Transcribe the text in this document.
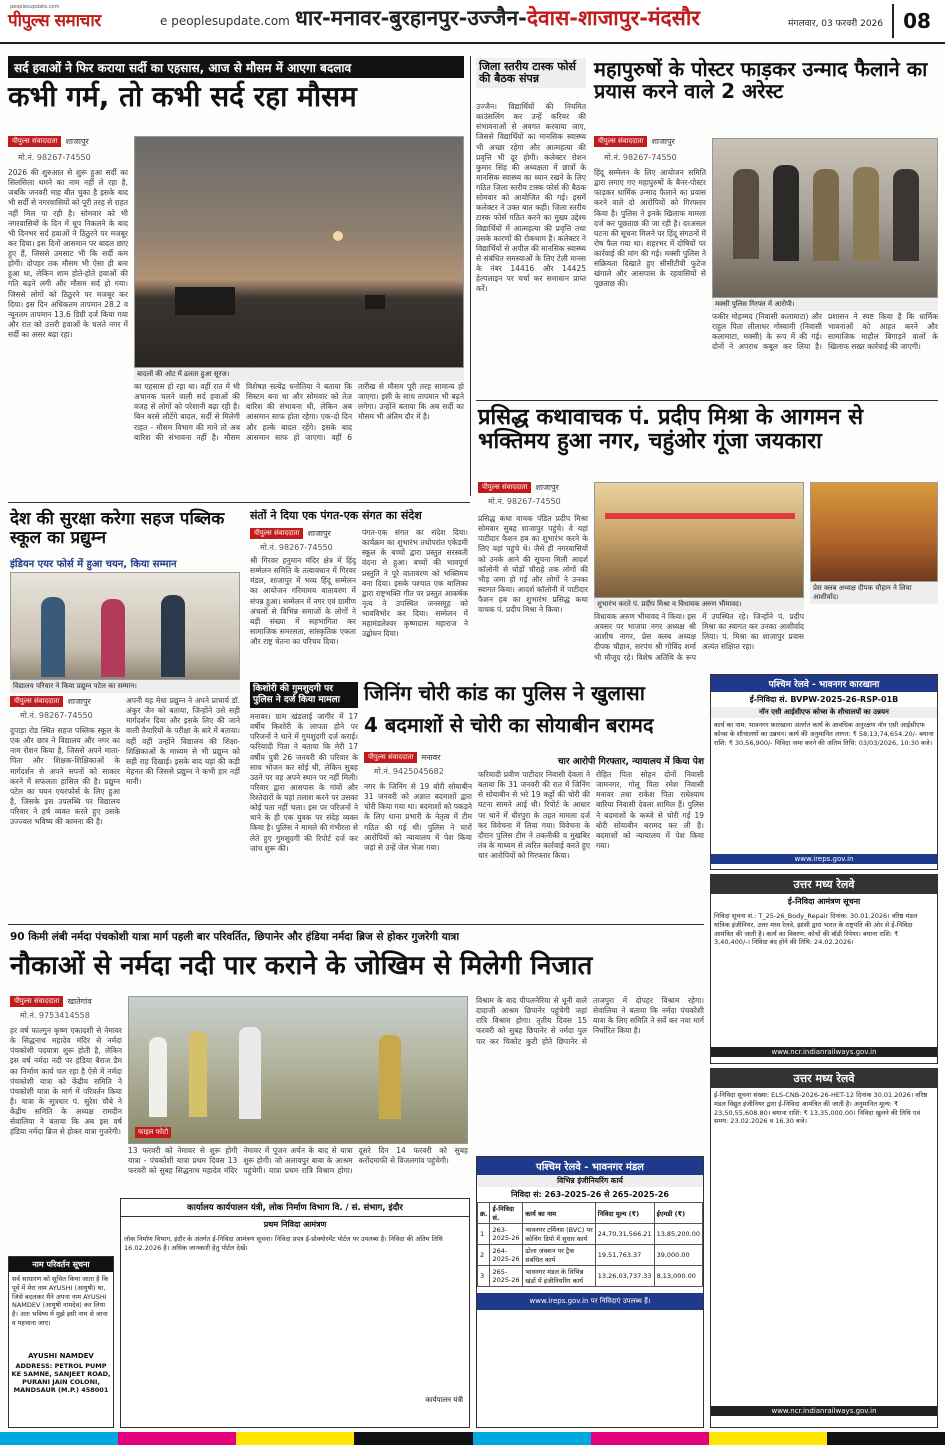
peoplesupdate.com
पीपुल्स समाचार	e peoplesupdate.com धार-मनावर-बुरहानपुर-उज्जैन-देवास-शाजापुर-मंदसौर	मंगलवार, 03 फरवरी 2026	08
सर्द हवाओं ने फिर कराया सर्दी का एहसास, आज से मौसम में आएगा बदलाव
कभी गर्म, तो कभी सर्द रहा मौसम
पीपुल्स संवाददाता	शाजापुर
मो.नं. 98267-74550
2026 की शुरुआत से शुरू हुआ सर्दी का सिलसिला थमने का नाम नहीं ले रहा है, जबकि जनवरी माह बीत चुका है इसके बाद भी सर्दी से नगरवासियों को पूरी तरह से राहत नहीं मिल पा रही है। सोमवार को भी नगरवासियों के दिन में धूप निकलने के बाद भी दिनभर सर्द हवाओं ने ठिठुरने पर मजबूर कर दिया। इस दिनों आसमान पर बादल छाए हुए हैं, जिससे उमसाट भी कि सर्दी कम होगी। दोपहर तक मौसम भी ऐसा ही बना हुआ था, लेकिन शाम होते-होते हवाओं की गति बढ़ने लगी और मौसम सर्द हो गया। जिससे लोगों को ठिठुरने पर मजबूर कर दिया। इस दिन अधिकतम तापमान 28.2 व न्यूनतम तापमान 13.6 डिग्री दर्ज किया गया और रात को उत्तरी हवाओं के चलते नगर में सर्दी का असर बढ़ा रहा।
बादलों की ओट में ढलता हुआ सूरज।
का एहसास हो रहा था। वहीं रात में भी अचानक चलने वाली सर्द हवाओं की वजह से लोगों को परेशानी बढ़ा रही है। बिन बरसे लौटेंगे बादल, सर्दी से मिलेगी राहत - मौसम विभाग की माने तो अब बारिश की संभावना नहीं है। मौसम विशेषज्ञ सत्येंद्र धनोतिया ने बताया कि सिस्टम बना था और सोमवार को तेज बारिश की संभावना थी, लेकिन अब आसमान साफ होता रहेगा। एक-दो दिन और हल्के बादल रहेंगे। इसके बाद आसमान साफ हो जाएगा। वहीं 6 तारीख से मौसम पूरी तरह सामान्य हो जाएगा। इसी के साथ तापमान भी बढ़ने लगेगा। उन्होंने बताया कि अब सर्दी का मौसम भी अंतिम दौर में है।
जिला स्तरीय टास्क फोर्स की बैठक संपन्न
उज्जैन। विद्यार्थियों की नियमित काउंसलिंग कर उन्हें करियर की संभावनाओं से अवगत करवाया जाए, जिससे विद्यार्थियों का मानसिक स्वास्थ्य भी अच्छा रहेगा और आत्महत्या की प्रवृत्ति भी दूर होगी। कलेक्टर रोशन कुमार सिंह की अध्यक्षता में छात्रों के मानसिक स्वास्थ्य का ध्यान रखने के लिए गठित जिला स्तरीय टास्क फोर्स की बैठक सोमवार को आयोजित की गई। इसमें कलेक्टर ने उक्त बात कही। जिला स्तरीय टास्क फोर्स गठित करने का मुख्य उद्देश्य विद्यार्थियों में आत्महत्या की प्रवृत्ति तथा उसके कारणों की रोकथाम है। कलेक्टर ने विद्यार्थियों से अपील की मानसिक स्वास्थ्य से संबंधित समस्याओं के लिए टेली मानस के नंबर 14416 और 14425 हेल्पलाइन पर चर्चा कर समाधान प्राप्त करें।
महापुरुषों के पोस्टर फाड़कर उन्माद फैलाने का प्रयास करने वाले 2 अरेस्ट
पीपुल्स संवाददाता	शाजापुर
मो.नं. 98267-74550
हिंदू सम्मेलन के लिए आयोजन समिति द्वारा लगाए गए महापुरुषों के बैनर-पोस्टर फाड़कर धार्मिक उन्माद फैलाने का प्रयास करने वाले दो आरोपियों को गिरफ्तार किया है। पुलिस ने इनके खिलाफ मामला दर्ज कर पूछताछ की जा रही है। दरअसल घटना की सूचना मिलने पर हिंदू संगठनों में रोष फैल गया था। शहरभर में दोषियों पर कार्रवाई की मांग की गई। मक्सी पुलिस ने सक्रियता दिखाते हुए सीसीटीवी फुटेज खंगाले और आसपास के रहवासियों से पूछताछ की।
मक्सी पुलिस गिरफ्त में आरोपी।
फकीर मोहम्मद (निवासी कलामाटा) और राहुल पिता लीलाधर गोस्वामी (निवासी कलामाटा, मक्सी) के रूप में की गई। दोनों ने अपराध कबूल कर लिया है। प्रशासन ने स्पष्ट किया है कि धार्मिक भावनाओं को आहत करने और सामाजिक माहौल बिगाड़ने वालों के खिलाफ सख्त कार्रवाई की जाएगी।
प्रसिद्ध कथावाचक पं. प्रदीप मिश्रा के आगमन से भक्तिमय हुआ नगर, चहुंओर गूंजा जयकारा
पीपुल्स संवाददाता	शाजापुर
मो.नं. 98267-74550
प्रसिद्ध कथा वाचक पंडित प्रदीप मिश्रा सोमवार सुबह शाजापुर पहुंचे। वे यहां पाटीदार फैशन हब का शुभारंभ करने के लिए यहां पहुंचे थे। जैसे ही नगरवासियों को उनके आने की सूचना मिली आदर्श कॉलोनी से घोड़ों चौराहे तक लोगों की भीड़ जमा हो गई और लोगों ने उनका स्वागत किया। आदर्श कॉलोनी में पाटीदार फैशन हब का शुभारंभ प्रसिद्ध कथा वाचक पं. प्रदीप मिश्रा ने किया।
शुभारंभ करते पं. प्रदीप मिश्रा व विधायक अरुण भीमावद।
प्रेस क्लब अध्यक्ष दीपक चौहान ने लिया आशीर्वाद।
विधायक अरुण भीमावद ने किया। इस अवसर पर भाजपा नगर अध्यक्ष श्री आशीष नागर, प्रेस क्लब अध्यक्ष दीपक चौहान, सरपंच श्री गोविंद शर्मा भी मौजूद रहे। विशेष अतिथि के रूप में उपस्थित रहे। जिन्होंने पं. प्रदीप मिश्रा का स्वागत कर उनका आशीर्वाद लिया। पं. मिश्रा का शाजापुर प्रवास अत्यंत संक्षिप्त रहा।
देश की सुरक्षा करेगा सहज पब्लिक स्कूल का प्रद्युम्न
इंडियन एयर फोर्स में हुआ चयन, किया सम्मान
विद्यालय परिवार ने किया प्रद्युम्न पटेल का सम्मान।
पीपुल्स संवाददाता	शाजापुर
मो.नं. 98267-74550
दुपाड़ा रोड स्थित सहज पब्लिक स्कूल के एक और छात्र ने विद्यालय और नगर का नाम रोशन किया है, जिससे अपने माता-पिता और शिक्षक-शिक्षिकाओं के मार्गदर्शन से अपने सपनों को साकार करने में सफलता हासिल की है। प्रद्युम्न पटेल का चयन एयरफोर्स के लिए हुआ है, जिसके इस उपलब्धि पर विद्यालय परिवार ने हर्ष व्यक्त करते हुए उसके उज्ज्वल भविष्य की कामना की है।
अपनी यह मेधा प्रद्युम्न ने अपने प्राचार्य डॉ. अंकुर जैन को बताया, जिन्होंने उसे सही मार्गदर्शन दिया और इसके लिए की जाने वाली तैयारियों के परीक्षा के बारे में बताया। वहीं वहीं उन्होंने विद्यालय की शिक्षा-शिक्षिकाओं के माध्यम से भी प्रद्युम्न को सही राह दिखाई। इसके बाद यहां की कड़ी मेहनत की जिससे प्रद्युम्न ने कभी हार नहीं मानी।
संतों ने दिया एक पंगत-एक संगत का संदेश
पीपुल्स संवाददाता	शाजापुर
मो.नं. 98267-74550
श्री गिरवर हनुमान मंदिर क्षेत्र में हिंदू सम्मेलन समिति के तत्वावधान में गिरवर मंडल, शाजापुर में भव्य हिंदू सम्मेलन का आयोजन गरिमामय वातावरण में संपन्न हुआ। सम्मेलन में नगर एवं ग्रामीण अंचलों से विभिन्न समाजों के लोगों ने बड़ी संख्या में सहभागिता कर सामाजिक समरसता, सांस्कृतिक एकता और राष्ट्र चेतना का परिचय दिया।
पंगत-एक संगत का संदेश दिया। कार्यक्रम का शुभारंभ तथोपरांत एकेडमी स्कूल के बच्चों द्वारा प्रस्तुत सरस्वती वंदना से हुआ। बच्चों की भावपूर्ण प्रस्तुति ने पूरे वातावरण को भक्तिमय बना दिया। इसके पश्चात एक बालिका द्वारा राष्ट्रभक्ति गीत पर प्रस्तुत आकर्षक नृत्य ने उपस्थित जनसमूह को भावविभोर कर दिया। सम्मेलन में महामंडलेश्वर कृष्णदास महाराज ने उद्बोधन दिया।
किशोरी की गुमशुदगी पर पुलिस ने दर्ज किया मामला
मनावर। ग्राम खंडलाई जागीर में 17 वर्षीय किशोरी के लापता होने पर परिजनों ने थाने में गुमशुदगी दर्ज कराई। फरियादी पिता ने बताया कि मेरी 17 वर्षीय पुत्री 26 जनवरी की परिवार के साथ भोजन कर सोई थी, लेकिन सुबह उठने पर वह अपने स्थान पर नहीं मिली। परिवार द्वारा आसपास के गांवों और रिश्तेदारों के यहां तलाश करने पर उसका कोई पता नहीं चला। इस पर परिजनों ने थाने के ही एक युवक पर संदेह व्यक्त किया है। पुलिस ने मामले की गंभीरता से लेते हुए गुमशुदगी की रिपोर्ट दर्ज कर जांच शुरू की।
जिनिंग चोरी कांड का पुलिस ने खुलासा
4 बदमाशों से चोरी का सोयाबीन बरामद
पीपुल्स संवाददाता	मनावर
मो.नं. 9425045682
चार आरोपी गिरफ्तार, न्यायालय में किया पेश
नगर के जिनिंग से 19 बोरी सोयाबीन 31 जनवरी को अज्ञात बदमाशों द्वारा चोरी किया गया था। बदमाशों को पकड़ने के लिए थाना प्रभारी के नेतृत्व में टीम गठित की गई थी। पुलिस ने चारों आरोपियों को न्यायालय में पेश किया जहां से उन्हें जेल भेजा गया।
फरियादी प्रवीण पाटीदार निवासी देवला ने बताया कि 31 जनवरी की रात में जिनिंग से सोयाबीन से भरे 19 कट्टों की चोरी की घटना सामने आई थी। रिपोर्ट के आधार पर थाने में धीरपुरा के तहत मामला दर्ज कर विवेचना में लिया गया। विवेचना के दौरान पुलिस टीम ने तकनीकी व मुखबिर तंत्र के माध्यम से त्वरित कार्रवाई करते हुए चार आरोपियों को गिरफ्तार किया।
रोहित पिता सोहन दोनों निवासी जामनगर, गोलू पिता रमेश निवासी मनावर तथा राकेश पिता राधेश्याम बारिया निवासी देवला शामिल हैं। पुलिस ने बदमाशों के कब्जे से चोरी गई 19 बोरी सोयाबीन बरामद कर ली है। बदमाशों को न्यायालय में पेश किया गया।
पश्चिम रेलवे - भावनगर कारखाना
ई-निविदा सं. BVPW-2025-26-RSP-01B
नॉन एसी आईसीएफ कोच्स के शौचालयों का उन्नयन
कार्य का नाम: भावनगर कारखाना अंतर्गत कार्य के आवधिक अनुरक्षण नॉन एसी आईसीएफ कोच्स के शौचालयों का उन्नयन। कार्य की अनुमानित लागत: ₹ 58,13,74,654.20/- बयाना राशि: ₹ 30,56,900/- निविदा जमा करने की अंतिम तिथि: 03/03/2026, 10:30 बजे।
www.ireps.gov.in
उत्तर मध्य रेलवे
ई-निविदा आमंत्रण सूचना
निविदा सूचना सं.: T_25-26_Body_Repair दिनांक: 30.01.2026। वरिष्ठ मंडल यांत्रिक इंजीनियर, उत्तर मध्य रेलवे, झांसी द्वारा भारत के राष्ट्रपति की ओर से ई-निविदा आमंत्रित की जाती है। कार्य का विवरण: कोचों की बॉडी रिपेयर। बयाना राशि: ₹ 3,40,400/-। निविदा बंद होने की तिथि: 24.02.2026।
www.ncr.indianrailways.gov.in
90 किमी लंबी नर्मदा पंचकोशी यात्रा मार्ग पहली बार परिवर्तित, छिपानेर और हंडिया नर्मदा ब्रिज से होकर गुजरेगी यात्रा
नौकाओं से नर्मदा नदी पार कराने के जोखिम से मिलेगी निजात
पीपुल्स संवाददाता	खातेगांव
मो.नं. 9753414558
हर वर्ष फाल्गुन कृष्ण एकादशी से नेमावर के सिद्धनाथ महादेव मंदिर से नर्मदा पंचकोशी पदयात्रा शुरू होती है, लेकिन इस वर्ष नर्मदा नदी पर हंडिया बैराज डैम का निर्माण कार्य चल रहा है ऐसे में नर्मदा पंचकोशी यात्रा को केंद्रीय समिति ने पंचकोशी यात्रा के मार्ग में परिवर्तन किया है। यात्रा के सूत्रधार पं. सुरेश चौबे ने केंद्रीय समिति के अध्यक्ष रामदीन सेवालिया ने बताया कि अब इस वर्ष हंडिया नर्मदा ब्रिज से होकर यात्रा गुजरेगी।	फाइल फोटो
13 फरवरी को नेमावर से शुरू होगी यात्रा - पंचकोशी यात्रा प्रथम दिवस 13 फरवरी को सुबह सिद्धनाथ महादेव मंदिर नेमावर में पूजन अर्चन के बाद से यात्रा शुरू होगी। जो अलावपुर बाबा के आश्रम पहुंचेगी। यात्रा प्रथम रात्रि विश्राम होगा। दूसरे दिन 14 फरवरी को सुबह करोंदमाफी से विजलगांव पहुंचेगी।
विश्राम के बाद पीपलनेरिया से धूनी वाले दादाजी आश्रम छिपानेर पहुंचेगी जहां रात्रि विश्राम होगा। तृतीय दिवस 15 फरवरी को सुबह छिपानेर से नर्मदा पुल पार कर चिकोट कुटी होते छिपानेर से ताजपुरा में दोपहर विश्राम रहेगा। सेवालिया ने बताया कि नर्मदा पंचकोशी यात्रा के लिए समिति ने सर्वे कर नया मार्ग निर्धारित किया है।
उत्तर मध्य रेलवे
ई-निविदा सूचना संख्या: ELS-CNB-2026-26-HET-12 दिनांक 30.01.2026। वरिष्ठ मंडल विद्युत इंजीनियर द्वारा ई-निविदा आमंत्रित की जाती है। अनुमानित मूल्य: ₹ 23,50,55,608.80। बयाना राशि: ₹ 13,35,000.00। निविदा खुलने की तिथि एवं समय: 23.02.2026 व 16.30 बजे।
www.ncr.indianrailways.gov.in
कार्यालय कार्यपालन यंत्री, लोक निर्माण विभाग वि. / सं. संभाग, इंदौर
प्रथम निविदा आमंत्रण
लोक निर्माण विभाग, इंदौर के अंतर्गत ई-निविदा आमंत्रण सूचना। निविदा प्रपत्र ई-प्रोक्योरमेंट पोर्टल पर उपलब्ध है। निविदा की अंतिम तिथि 16.02.2026 है। अधिक जानकारी हेतु पोर्टल देखें।
कार्यपालन यंत्री
नाम परिवर्तन सूचना
सर्व साधारण को सूचित किया जाता है कि पूर्व में मेरा नाम AYUSHI (आयुषी) था, जिसे बदलकर मैंने अपना नाम AYUSHI NAMDEV (आयुषी नामदेव) कर लिया है। अतः भविष्य में मुझे इसी नाम से जाना व पहचाना जाए।
AYUSHI NAMDEV
ADDRESS: PETROL PUMP KE SAMNE, SANJEET ROAD, PURANI JAIN COLONI, MANDSAUR (M.P.) 458001
पश्चिम रेलवे - भावनगर मंडल
विभिन्न इंजीनियरिंग कार्य
निविदा सं: 263-2025-26 से 265-2025-26
क्र.	ई-निविदा सं.	कार्य का नाम	निविदा मूल्य (₹)	ईएमडी (₹)
1	263-2025-26	भावनगर टर्मिनस (BVC) पर कोचिंग डिपो में सुधार कार्य	24,70,31,566.21	13,85,200.00
2	264-2025-26	ढोला जंक्शन पर ट्रैक संबंधित कार्य	19,51,763.37	39,000.00
3	265-2025-26	भावनगर मंडल के विभिन्न खंडों में इंजीनियरिंग कार्य	13,26,03,737.33	8,13,000.00
www.ireps.gov.in पर निविदाएं उपलब्ध हैं।
